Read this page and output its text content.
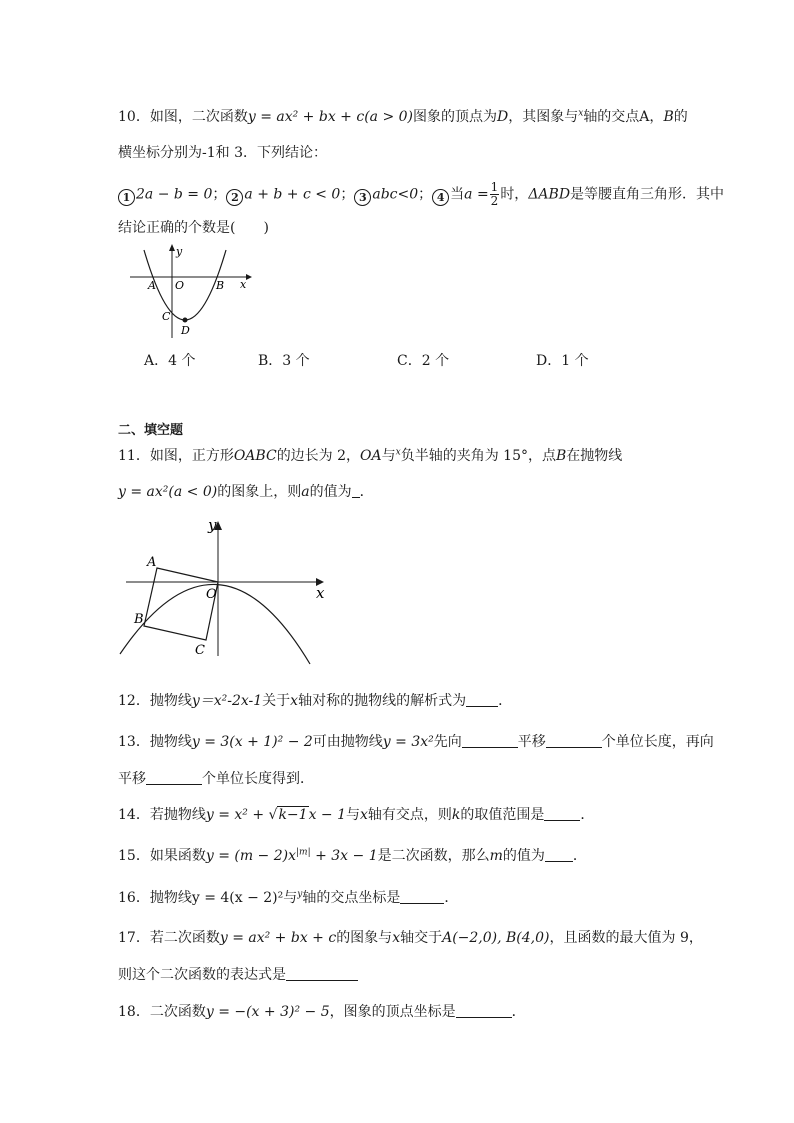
10．如图，二次函数y = ax² + bx + c(a > 0)图象的顶点为D，其图象与$^x$轴的交点A，B的
横坐标分别为-1和 3．下列结论：
1 2a − b = 0； 2 a + b + c < 0； 3 abc<0； 4 当$a = \frac{1}{2}$ 时，ΔABD是等腰直角三角形．其中
结论正确的个数是(　　)
y
x
A O	B
C
D
A．4 个	B．3 个	C．2 个	D．1 个
二、填空题
11．如图，正方形OABC的边长为 2，OA与$^x$负半轴的夹角为 15°，点B在抛物线
y = ax²(a < 0)的图象上，则a的值为 ．
y
x
A
O
B
C
12．抛物线y＝x²-2x-1关于x轴对称的抛物线的解析式为 ．
13．抛物线y = 3(x + 1)² − 2可由抛物线y = 3x²先向	平移	个单位长度，再向
平移	个单位长度得到．
14．若抛物线y = x² + √k−1x − 1与x轴有交点，则k的取值范围是	．
15．如果函数$y = (m - 2)x^{|m|} + 3x - 1$是二次函数，那么m的值为 ．
16．抛物线y = 4(x − 2)²与$^y$轴的交点坐标是	．
17．若二次函数y = ax² + bx + c的图象与x轴交于A(−2,0), B(4,0)，且函数的最大值为 9，
则这个二次函数的表达式是
18．二次函数y = −(x + 3)² − 5，图象的顶点坐标是	．
